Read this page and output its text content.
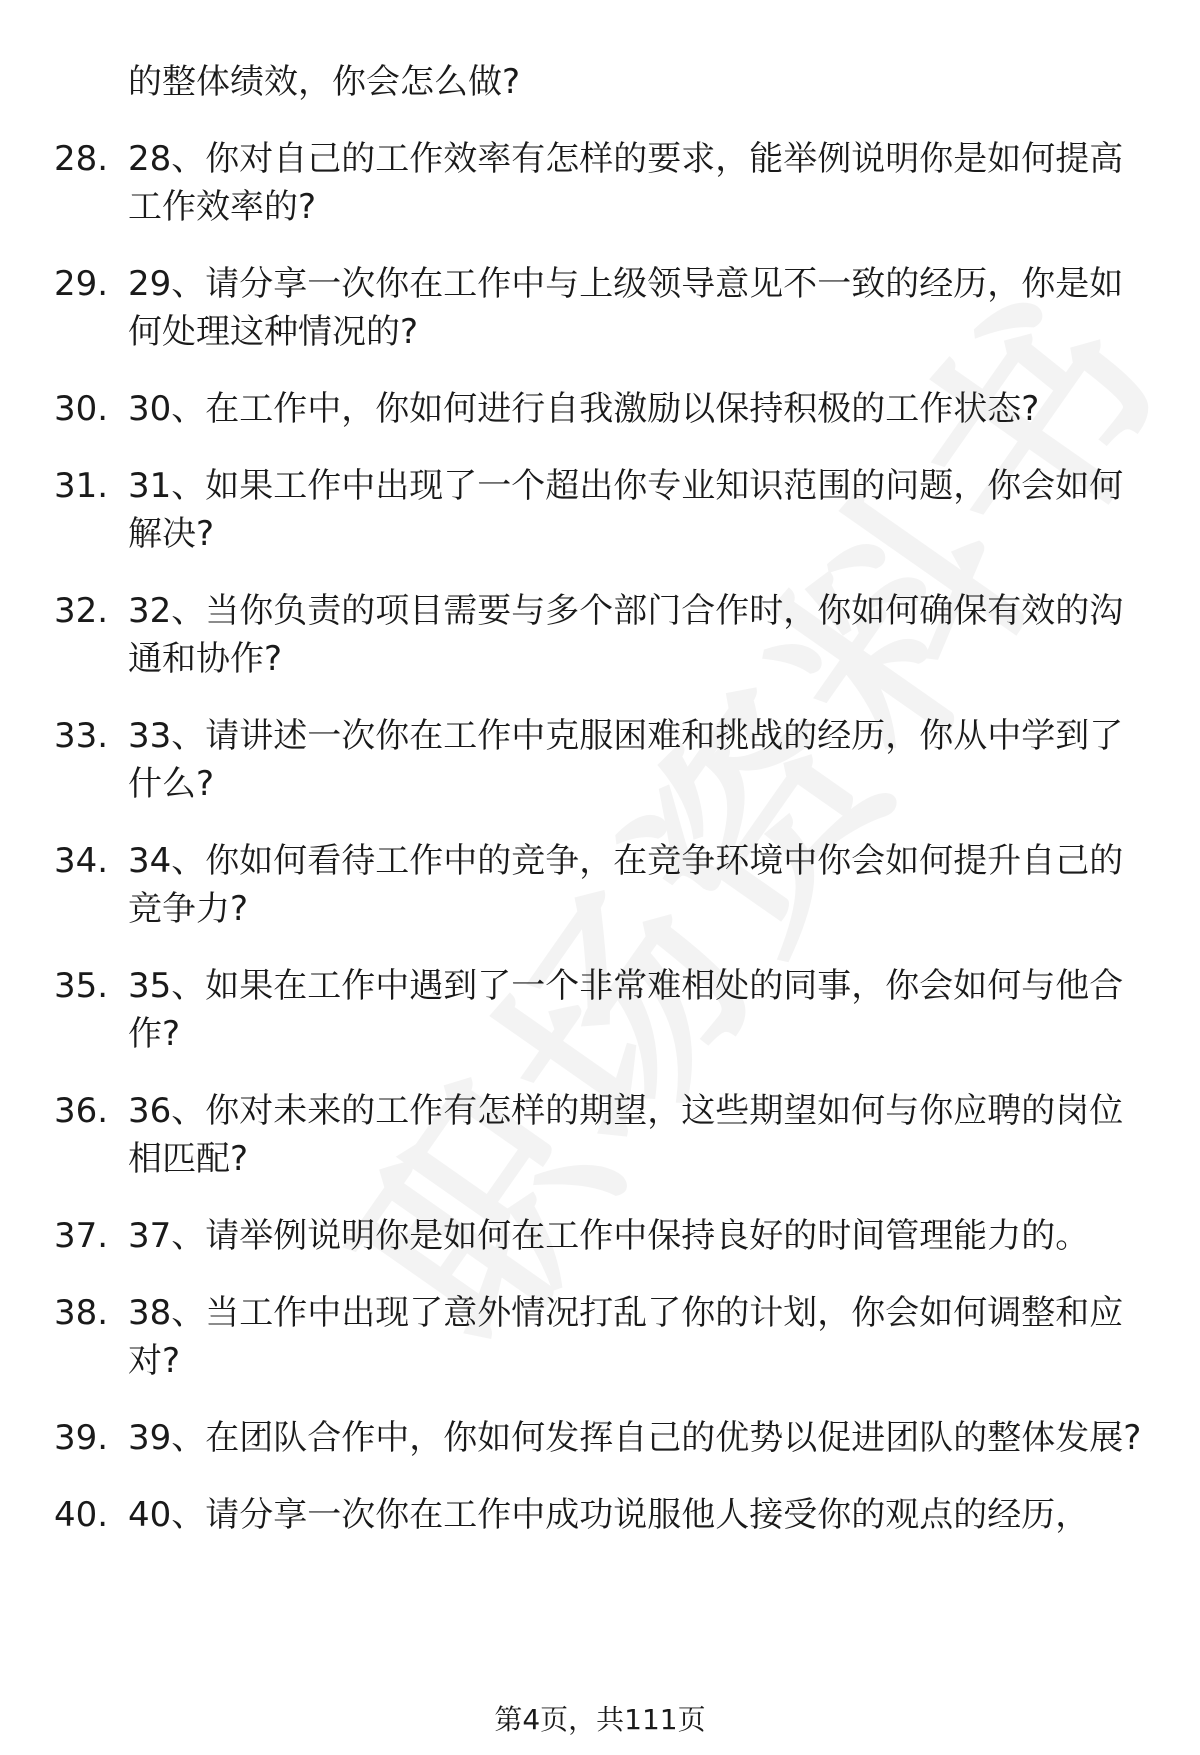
的整体绩效，你会怎么做?
28. 28、你对自己的工作效率有怎样的要求，能举例说明你是如何提高工作效率的?
29. 29、请分享一次你在工作中与上级领导意见不一致的经历，你是如何处理这种情况的?
30. 30、在工作中，你如何进行自我激励以保持积极的工作状态?
31. 31、如果工作中出现了一个超出你专业知识范围的问题，你会如何解决?
32. 32、当你负责的项目需要与多个部门合作时，你如何确保有效的沟通和协作?
33. 33、请讲述一次你在工作中克服困难和挑战的经历，你从中学到了什么?
34. 34、你如何看待工作中的竞争，在竞争环境中你会如何提升自己的竞争力?
35. 35、如果在工作中遇到了一个非常难相处的同事，你会如何与他合作?
36. 36、你对未来的工作有怎样的期望，这些期望如何与你应聘的岗位相匹配?
37. 37、请举例说明你是如何在工作中保持良好的时间管理能力的。
38. 38、当工作中出现了意外情况打乱了你的计划，你会如何调整和应对?
39. 39、在团队合作中，你如何发挥自己的优势以促进团队的整体发展?
40. 40、请分享一次你在工作中成功说服他人接受你的观点的经历，
第4页，共111页
